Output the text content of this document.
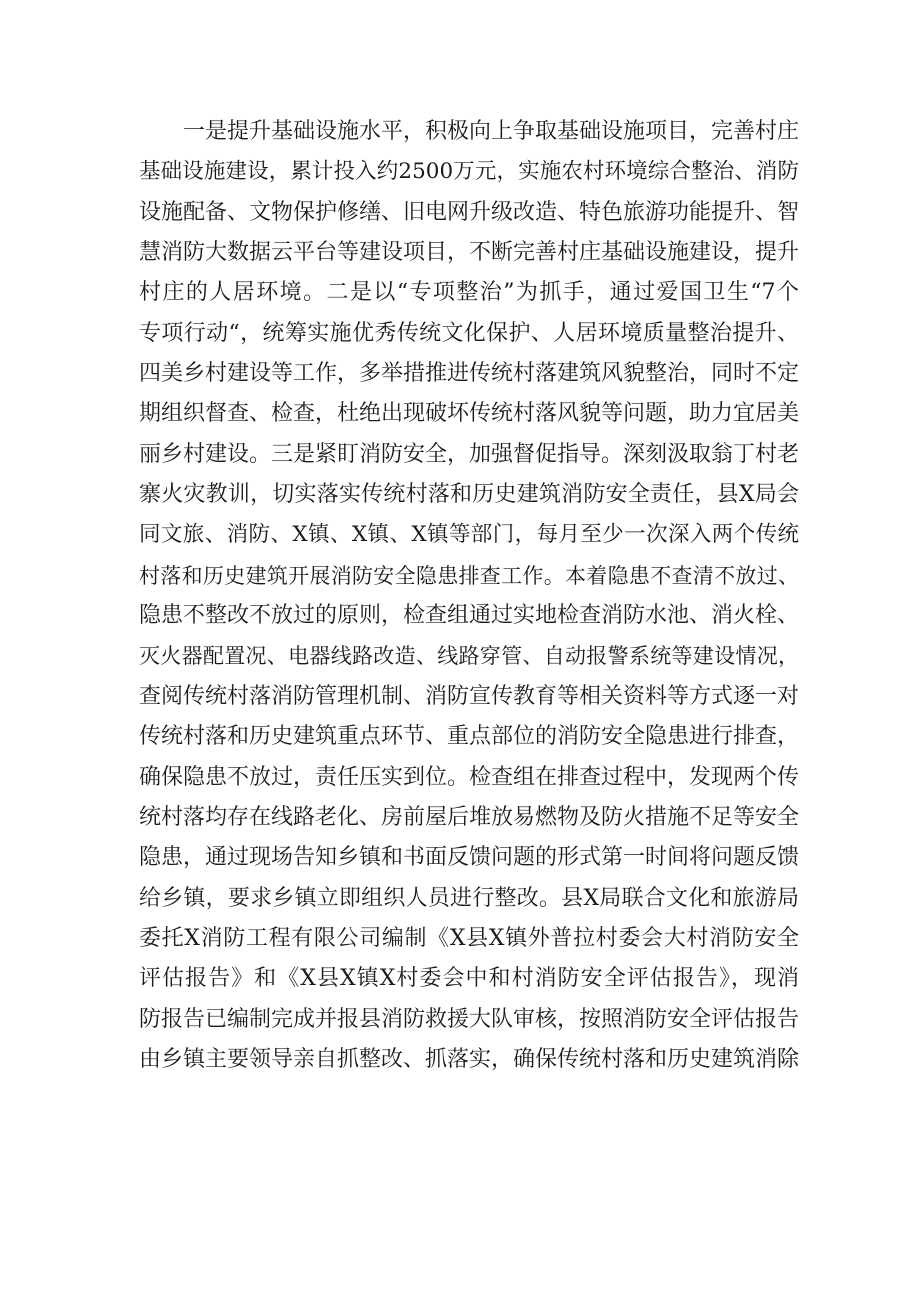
一是提升基础设施水平，积极向上争取基础设施项目，完善村庄
基础设施建设，累计投入约2500万元，实施农村环境综合整治、消防
设施配备、文物保护修缮、旧电网升级改造、特色旅游功能提升、智
慧消防大数据云平台等建设项目，不断完善村庄基础设施建设，提升
村庄的人居环境。二是以“专项整治”为抓手，通过爱国卫生“7个
专项行动“，统筹实施优秀传统文化保护、人居环境质量整治提升、
四美乡村建设等工作，多举措推进传统村落建筑风貌整治，同时不定
期组织督查、检查，杜绝出现破坏传统村落风貌等问题，助力宜居美
丽乡村建设。三是紧盯消防安全，加强督促指导。深刻汲取翁丁村老
寨火灾教训，切实落实传统村落和历史建筑消防安全责任，县X局会
同文旅、消防、X镇、X镇、X镇等部门，每月至少一次深入两个传统
村落和历史建筑开展消防安全隐患排查工作。本着隐患不查清不放过、
隐患不整改不放过的原则，检查组通过实地检查消防水池、消火栓、
灭火器配置况、电器线路改造、线路穿管、自动报警系统等建设情况，
查阅传统村落消防管理机制、消防宣传教育等相关资料等方式逐一对
传统村落和历史建筑重点环节、重点部位的消防安全隐患进行排查，
确保隐患不放过，责任压实到位。检查组在排查过程中，发现两个传
统村落均存在线路老化、房前屋后堆放易燃物及防火措施不足等安全
隐患，通过现场告知乡镇和书面反馈问题的形式第一时间将问题反馈
给乡镇，要求乡镇立即组织人员进行整改。县X局联合文化和旅游局
委托X消防工程有限公司编制《X县X镇外普拉村委会大村消防安全
评估报告》和《X县X镇X村委会中和村消防安全评估报告》，现消
防报告已编制完成并报县消防救援大队审核，按照消防安全评估报告
由乡镇主要领导亲自抓整改、抓落实，确保传统村落和历史建筑消除
